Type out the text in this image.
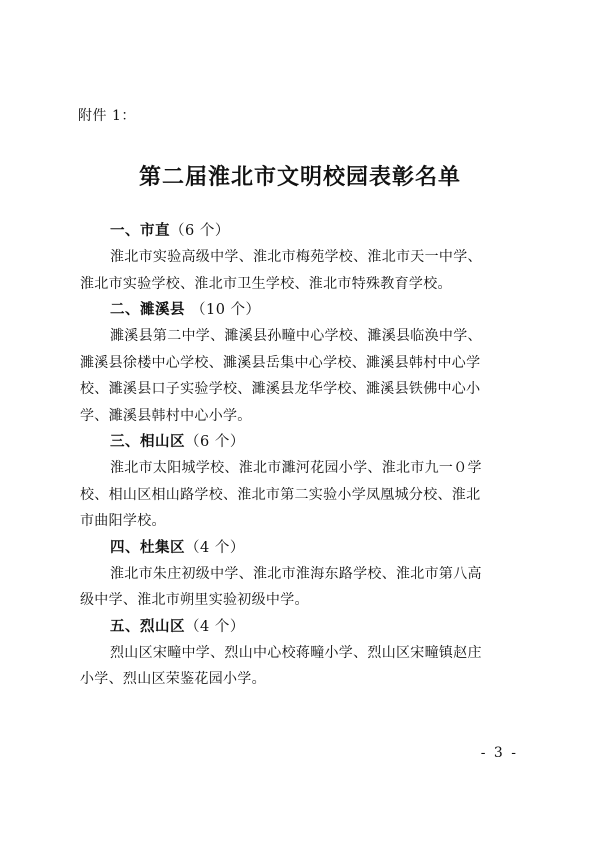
附件 1：
第二届淮北市文明校园表彰名单
一、市直（6 个）
淮北市实验高级中学、淮北市梅苑学校、淮北市天一中学、
淮北市实验学校、淮北市卫生学校、淮北市特殊教育学校。
二、濉溪县 （10 个）
濉溪县第二中学、濉溪县孙疃中心学校、濉溪县临涣中学、
濉溪县徐楼中心学校、濉溪县岳集中心学校、濉溪县韩村中心学
校、濉溪县口子实验学校、濉溪县龙华学校、濉溪县铁佛中心小
学、濉溪县韩村中心小学。
三、相山区（6 个）
淮北市太阳城学校、淮北市濉河花园小学、淮北市九一０学
校、相山区相山路学校、淮北市第二实验小学凤凰城分校、淮北
市曲阳学校。
四、杜集区（4 个）
淮北市朱庄初级中学、淮北市淮海东路学校、淮北市第八高
级中学、淮北市朔里实验初级中学。
五、烈山区（4 个）
烈山区宋疃中学、烈山中心校蒋疃小学、烈山区宋疃镇赵庄
小学、烈山区荣鉴花园小学。
- 3 -
